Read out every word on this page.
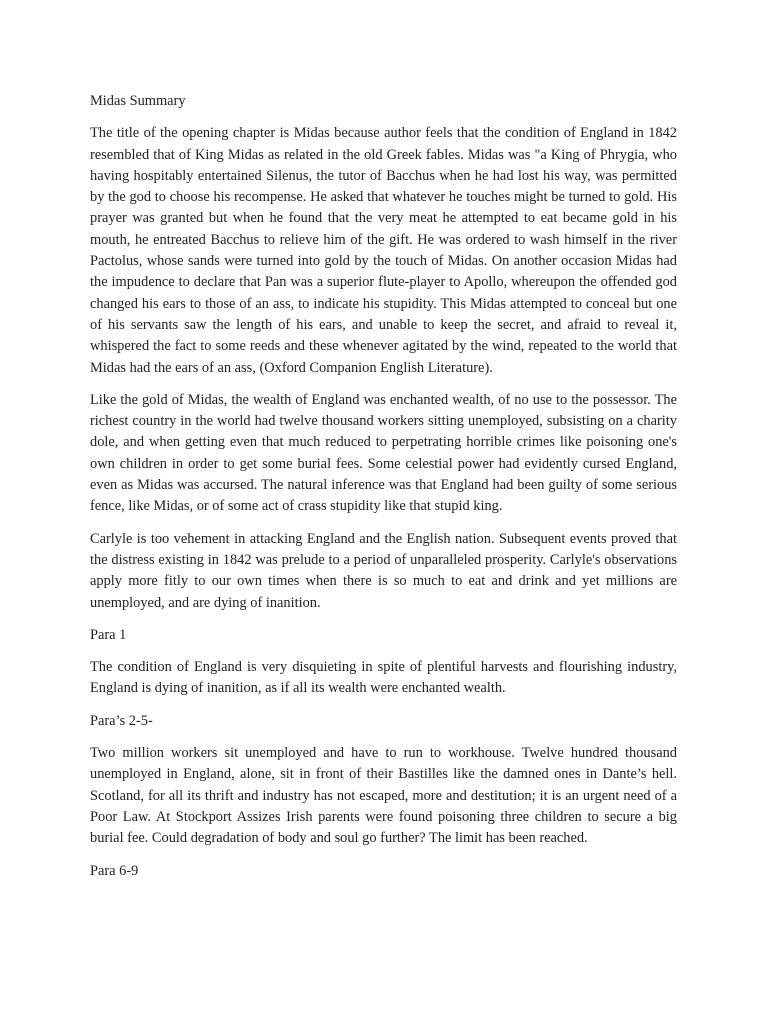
Midas Summary

The title of the opening chapter is Midas because author feels that the condition of England in 1842 resembled that of King Midas as related in the old Greek fables. Midas was "a King of Phrygia, who having hospitably entertained Silenus, the tutor of Bacchus when he had lost his way, was permitted by the god to choose his recompense. He asked that whatever he touches might be turned to gold. His prayer was granted but when he found that the very meat he attempted to eat became gold in his mouth, he entreated Bacchus to relieve him of the gift. He was ordered to wash himself in the river Pactolus, whose sands were turned into gold by the touch of Midas. On another occasion Midas had the impudence to declare that Pan was a superior flute-player to Apollo, whereupon the offended god changed his ears to those of an ass, to indicate his stupidity. This Midas attempted to conceal but one of his servants saw the length of his ears, and unable to keep the secret, and afraid to reveal it, whispered the fact to some reeds and these whenever agitated by the wind, repeated to the world that Midas had the ears of an ass, (Oxford Companion English Literature).

Like the gold of Midas, the wealth of England was enchanted wealth, of no use to the possessor. The richest country in the world had twelve thousand workers sitting unemployed, subsisting on a charity dole, and when getting even that much reduced to perpetrating horrible crimes like poisoning one's own children in order to get some burial fees. Some celestial power had evidently cursed England, even as Midas was accursed. The natural inference was that England had been guilty of some serious fence, like Midas, or of some act of crass stupidity like that stupid king.

Carlyle is too vehement in attacking England and the English nation. Subsequent events proved that the distress existing in 1842 was prelude to a period of unparalleled prosperity. Carlyle's observations apply more fitly to our own times when there is so much to eat and drink and yet millions are unemployed, and are dying of inanition.

Para 1

The condition of England is very disquieting in spite of plentiful harvests and flourishing industry, England is dying of inanition, as if all its wealth were enchanted wealth.

Para’s 2-5-

Two million workers sit unemployed and have to run to workhouse. Twelve hundred thousand unemployed in England, alone, sit in front of their Bastilles like the damned ones in Dante’s hell. Scotland, for all its thrift and industry has not escaped, more and destitution; it is an urgent need of a Poor Law. At Stockport Assizes Irish parents were found poisoning three children to secure a big burial fee. Could degradation of body and soul go further? The limit has been reached.

Para 6-9
